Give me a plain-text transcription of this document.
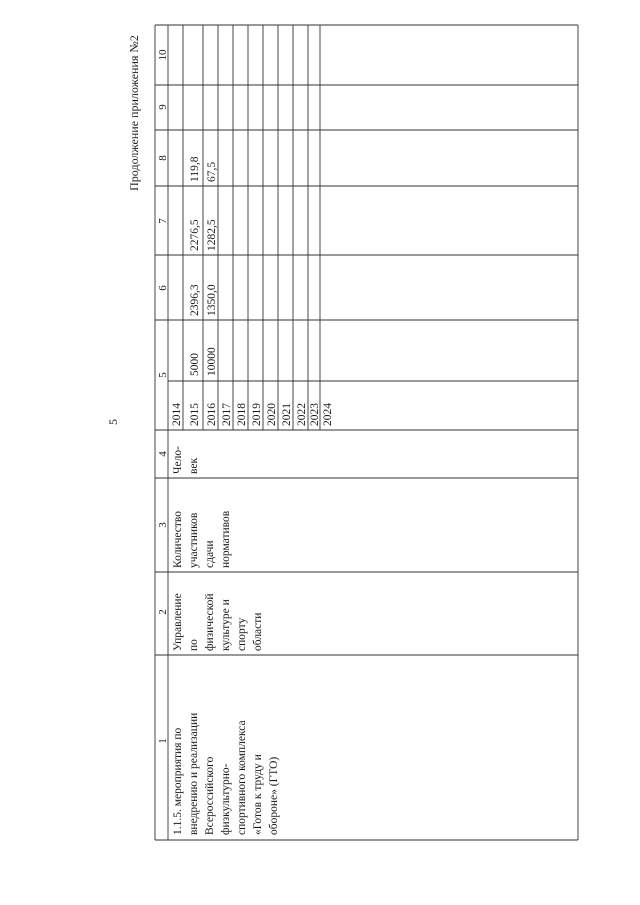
5
Продолжение приложения №2
1
2
3
4
5
6
7
8
9
10
1.1.5. мероприятия по внедрению и реализации Всероссийского физкультурно- спортивного комплекса «Готов к труду и обороне» (ГТО)
Управление по физической культуре и спорту области
Количество участников сдачи нормативов
Чело- век
2014 2015 2016 2017 2018 2019 2020 2021 2022 2023 2024
5000
2396,3
2276,5
119,8
10000
1350,0
1282,5
67,5
